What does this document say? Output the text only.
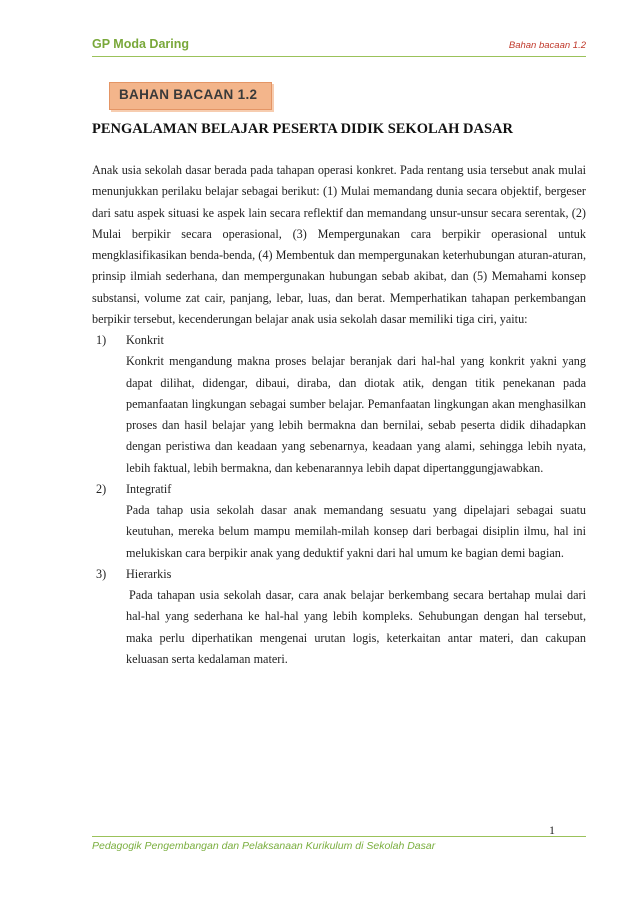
GP Moda Daring	Bahan bacaan 1.2
BAHAN BACAAN 1.2
PENGALAMAN BELAJAR PESERTA DIDIK SEKOLAH DASAR

Anak usia sekolah dasar berada pada tahapan operasi konkret. Pada rentang usia tersebut anak mulai menunjukkan perilaku belajar sebagai berikut: (1) Mulai memandang dunia secara objektif, bergeser dari satu aspek situasi ke aspek lain secara reflektif dan memandang unsur-unsur secara serentak, (2) Mulai berpikir secara operasional, (3) Mempergunakan cara berpikir operasional untuk mengklasifikasikan benda-benda, (4) Membentuk dan mempergunakan keterhubungan aturan-aturan, prinsip ilmiah sederhana, dan mempergunakan hubungan sebab akibat, dan (5) Memahami konsep substansi, volume zat cair, panjang, lebar, luas, dan berat. Memperhatikan tahapan perkembangan berpikir tersebut, kecenderungan belajar anak usia sekolah dasar memiliki tiga ciri, yaitu:

1)	Konkrit
Konkrit mengandung makna proses belajar beranjak dari hal-hal yang konkrit yakni yang dapat dilihat, didengar, dibaui, diraba, dan diotak atik, dengan titik penekanan pada pemanfaatan lingkungan sebagai sumber belajar. Pemanfaatan lingkungan akan menghasilkan proses dan hasil belajar yang lebih bermakna dan bernilai, sebab peserta didik dihadapkan dengan peristiwa dan keadaan yang sebenarnya, keadaan yang alami, sehingga lebih nyata, lebih faktual, lebih bermakna, dan kebenarannya lebih dapat dipertanggungjawabkan.
2)	Integratif
Pada tahap usia sekolah dasar anak memandang sesuatu yang dipelajari sebagai suatu keutuhan, mereka belum mampu memilah-milah konsep dari berbagai disiplin ilmu, hal ini melukiskan cara berpikir anak yang deduktif yakni dari hal umum ke bagian demi bagian.
3)	Hierarkis
Pada tahapan usia sekolah dasar, cara anak belajar berkembang secara bertahap mulai dari hal-hal yang sederhana ke hal-hal yang lebih kompleks. Sehubungan dengan hal tersebut, maka perlu diperhatikan mengenai urutan logis, keterkaitan antar materi, dan cakupan keluasan serta kedalaman materi.
1
Pedagogik Pengembangan dan Pelaksanaan Kurikulum di Sekolah Dasar
